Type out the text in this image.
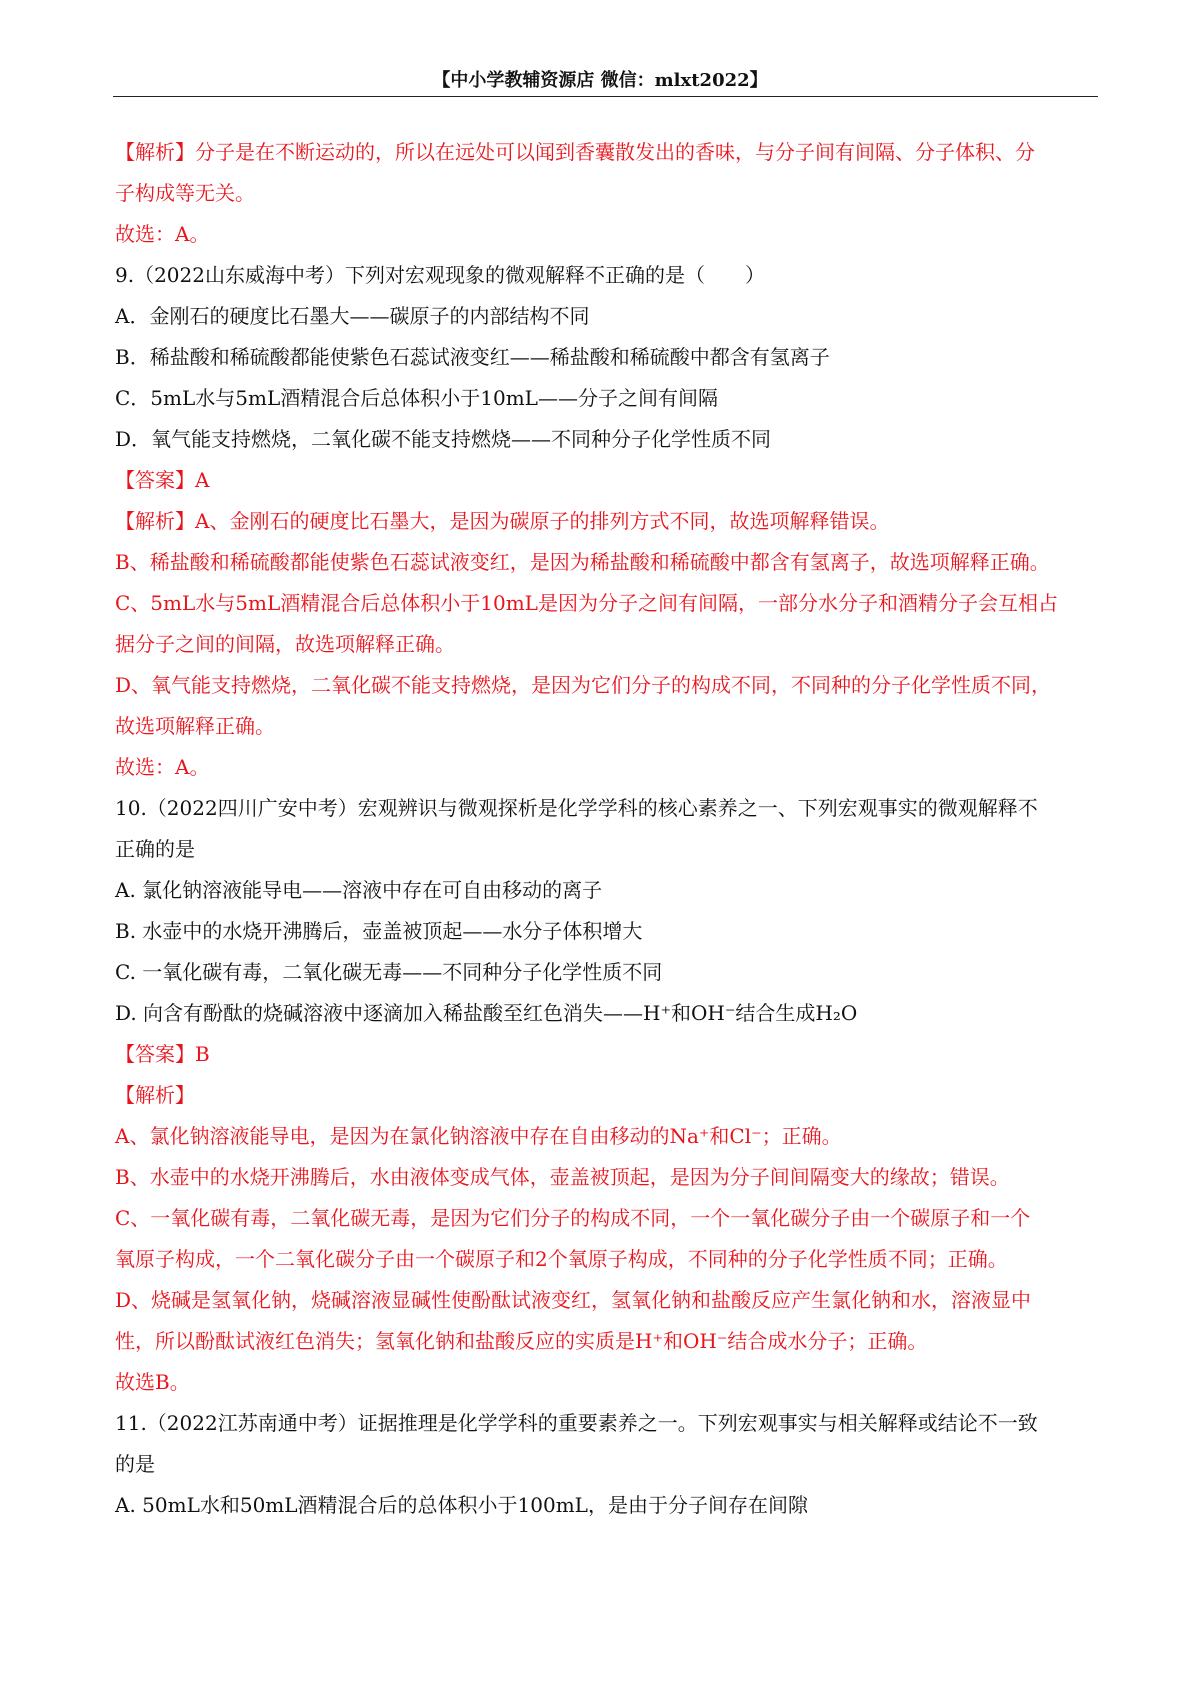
【中小学教辅资源店 微信：mlxt2022】
【解析】分子是在不断运动的，所以在远处可以闻到香囊散发出的香味，与分子间有间隔、分子体积、分
子构成等无关。
故选：A。
9.（2022山东威海中考）下列对宏观现象的微观解释不正确的是（　　）
A．金刚石的硬度比石墨大——碳原子的内部结构不同
B．稀盐酸和稀硫酸都能使紫色石蕊试液变红——稀盐酸和稀硫酸中都含有氢离子
C．5mL水与5mL酒精混合后总体积小于10mL——分子之间有间隔
D．氧气能支持燃烧，二氧化碳不能支持燃烧——不同种分子化学性质不同
【答案】A
【解析】A、金刚石的硬度比石墨大，是因为碳原子的排列方式不同，故选项解释错误。
B、稀盐酸和稀硫酸都能使紫色石蕊试液变红，是因为稀盐酸和稀硫酸中都含有氢离子，故选项解释正确。
C、5mL水与5mL酒精混合后总体积小于10mL是因为分子之间有间隔，一部分水分子和酒精分子会互相占
据分子之间的间隔，故选项解释正确。
D、氧气能支持燃烧，二氧化碳不能支持燃烧，是因为它们分子的构成不同，不同种的分子化学性质不同，
故选项解释正确。
故选：A。
10.（2022四川广安中考）宏观辨识与微观探析是化学学科的核心素养之一、下列宏观事实的微观解释不
正确的是
A. 氯化钠溶液能导电——溶液中存在可自由移动的离子
B. 水壶中的水烧开沸腾后，壶盖被顶起——水分子体积增大
C. 一氧化碳有毒，二氧化碳无毒——不同种分子化学性质不同
D. 向含有酚酞的烧碱溶液中逐滴加入稀盐酸至红色消失——H⁺和OH⁻结合生成H₂O
【答案】B
【解析】
A、氯化钠溶液能导电，是因为在氯化钠溶液中存在自由移动的Na⁺和Cl⁻；正确。
B、水壶中的水烧开沸腾后，水由液体变成气体，壶盖被顶起，是因为分子间间隔变大的缘故；错误。
C、一氧化碳有毒，二氧化碳无毒，是因为它们分子的构成不同，一个一氧化碳分子由一个碳原子和一个
氧原子构成，一个二氧化碳分子由一个碳原子和2个氧原子构成，不同种的分子化学性质不同；正确。
D、烧碱是氢氧化钠，烧碱溶液显碱性使酚酞试液变红，氢氧化钠和盐酸反应产生氯化钠和水，溶液显中
性，所以酚酞试液红色消失；氢氧化钠和盐酸反应的实质是H⁺和OH⁻结合成水分子；正确。
故选B。
11.（2022江苏南通中考）证据推理是化学学科的重要素养之一。下列宏观事实与相关解释或结论不一致
的是
A. 50mL水和50mL酒精混合后的总体积小于100mL，是由于分子间存在间隙
